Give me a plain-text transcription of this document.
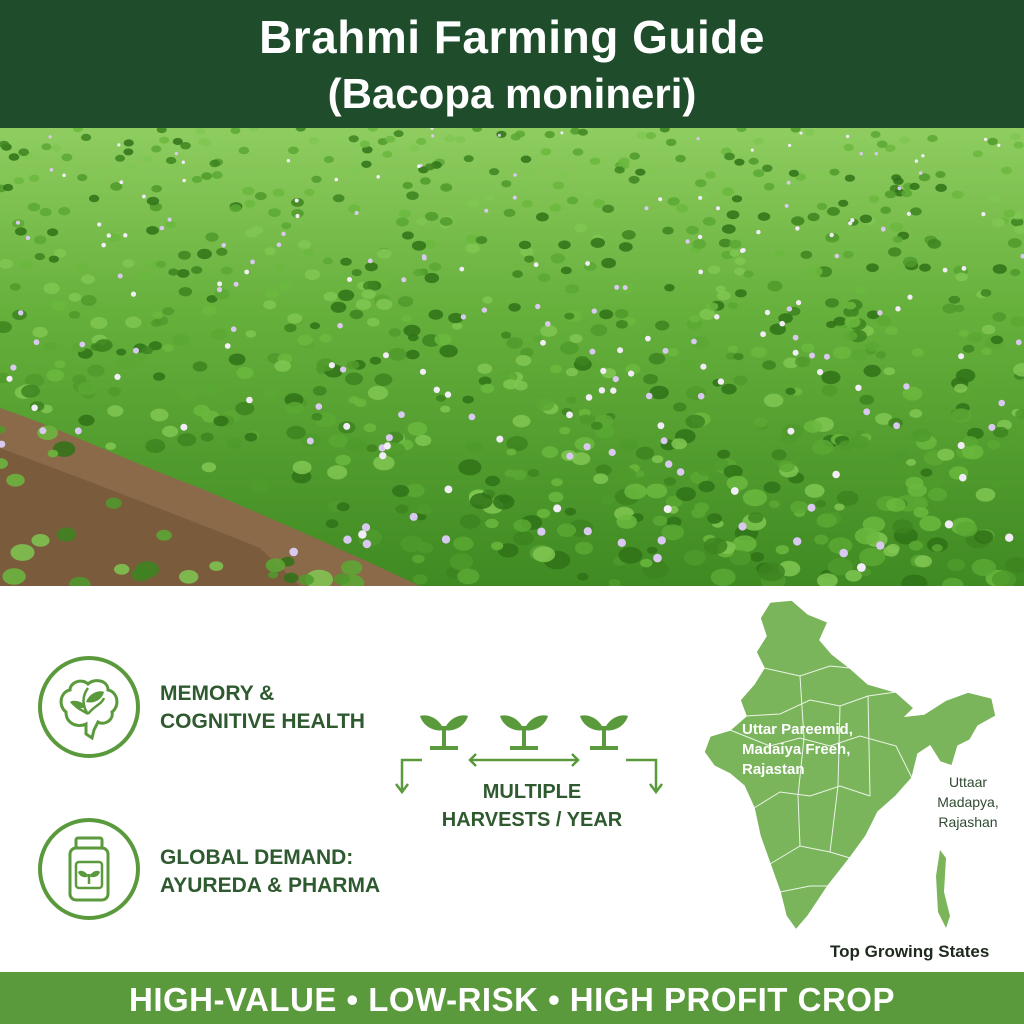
Brahmi Farming Guide
(Bacopa monineri)
MEMORY &
COGNITIVE HEALTH
GLOBAL DEMAND:
AYUREDA & PHARMA
MULTIPLE
HARVESTS / YEAR
Uttar Pareemid,
Madaiya Freeh,
Rajastan
Uttaar
Madapya,
Rajashan
Top Growing States
HIGH-VALUE • LOW-RISK • HIGH PROFIT CROP
